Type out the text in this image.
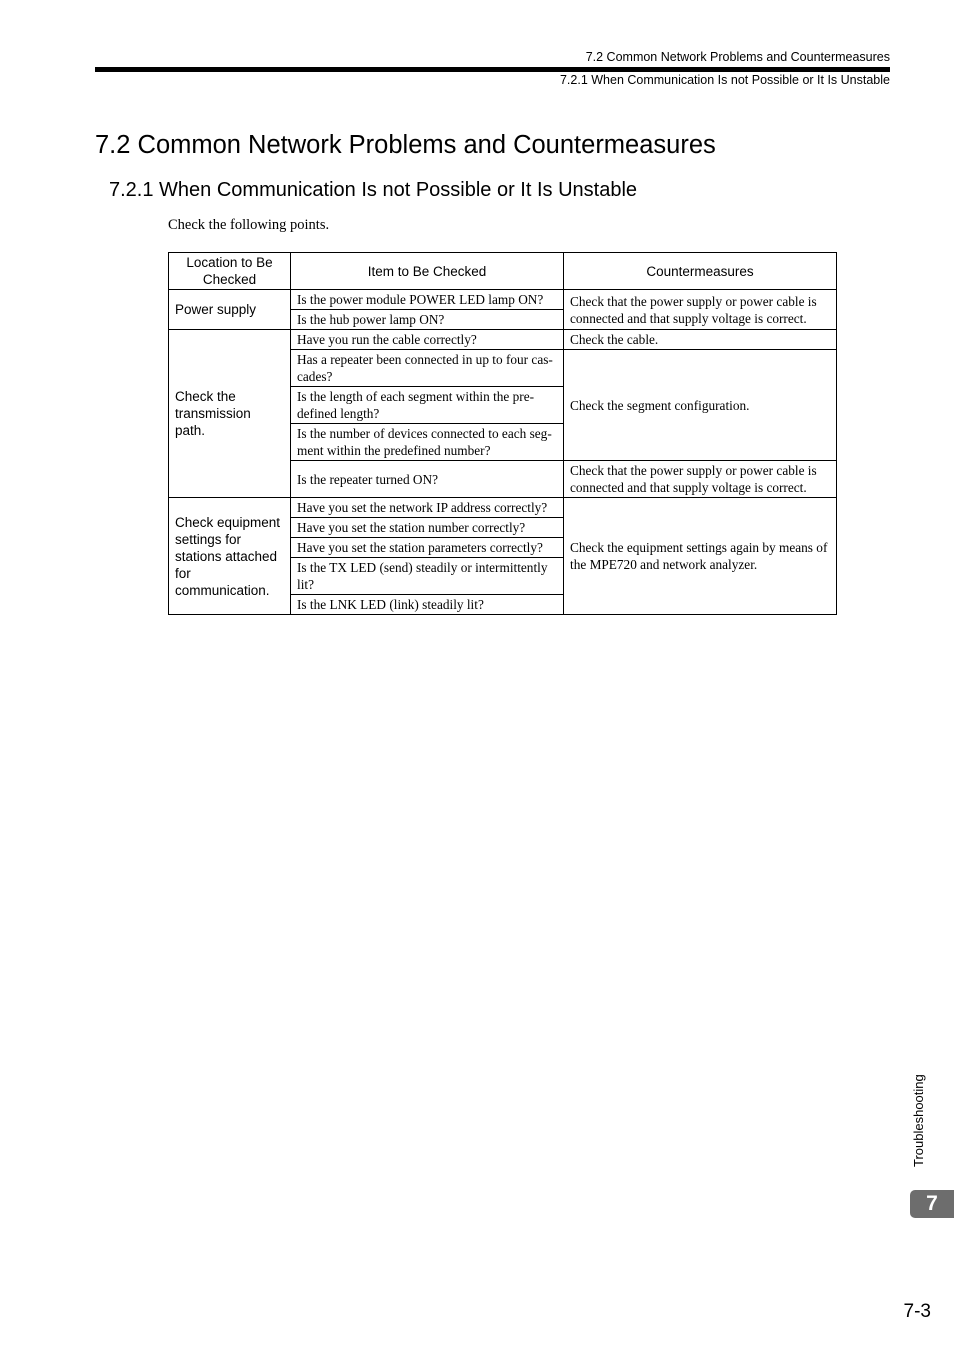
7.2 Common Network Problems and Countermeasures
7.2.1 When Communication Is not Possible or It Is Unstable
7.2 Common Network Problems and Countermeasures
7.2.1 When Communication Is not Possible or It Is Unstable
Check the following points.
Location to Be Checked	Item to Be Checked	Countermeasures
Power supply	Is the power module POWER LED lamp ON?	Check that the power supply or power cable is connected and that supply voltage is correct.
	Is the hub power lamp ON?	
Check the transmission path.	Have you run the cable correctly?	Check the cable.
	Has a repeater been connected in up to four cas-cades?	Check the segment configuration.
	Is the length of each segment within the pre-defined length?	
	Is the number of devices connected to each seg-ment within the predefined number?	
	Is the repeater turned ON?	Check that the power supply or power cable is connected and that supply voltage is correct.
Check equipment settings for stations attached for communication.	Have you set the network IP address correctly?	Check the equipment settings again by means of the MPE720 and network analyzer.
	Have you set the station number correctly?	
	Have you set the station parameters correctly?	
	Is the TX LED (send) steadily or intermittently lit?	
	Is the LNK LED (link) steadily lit?	
Troubleshooting
7
7-3
